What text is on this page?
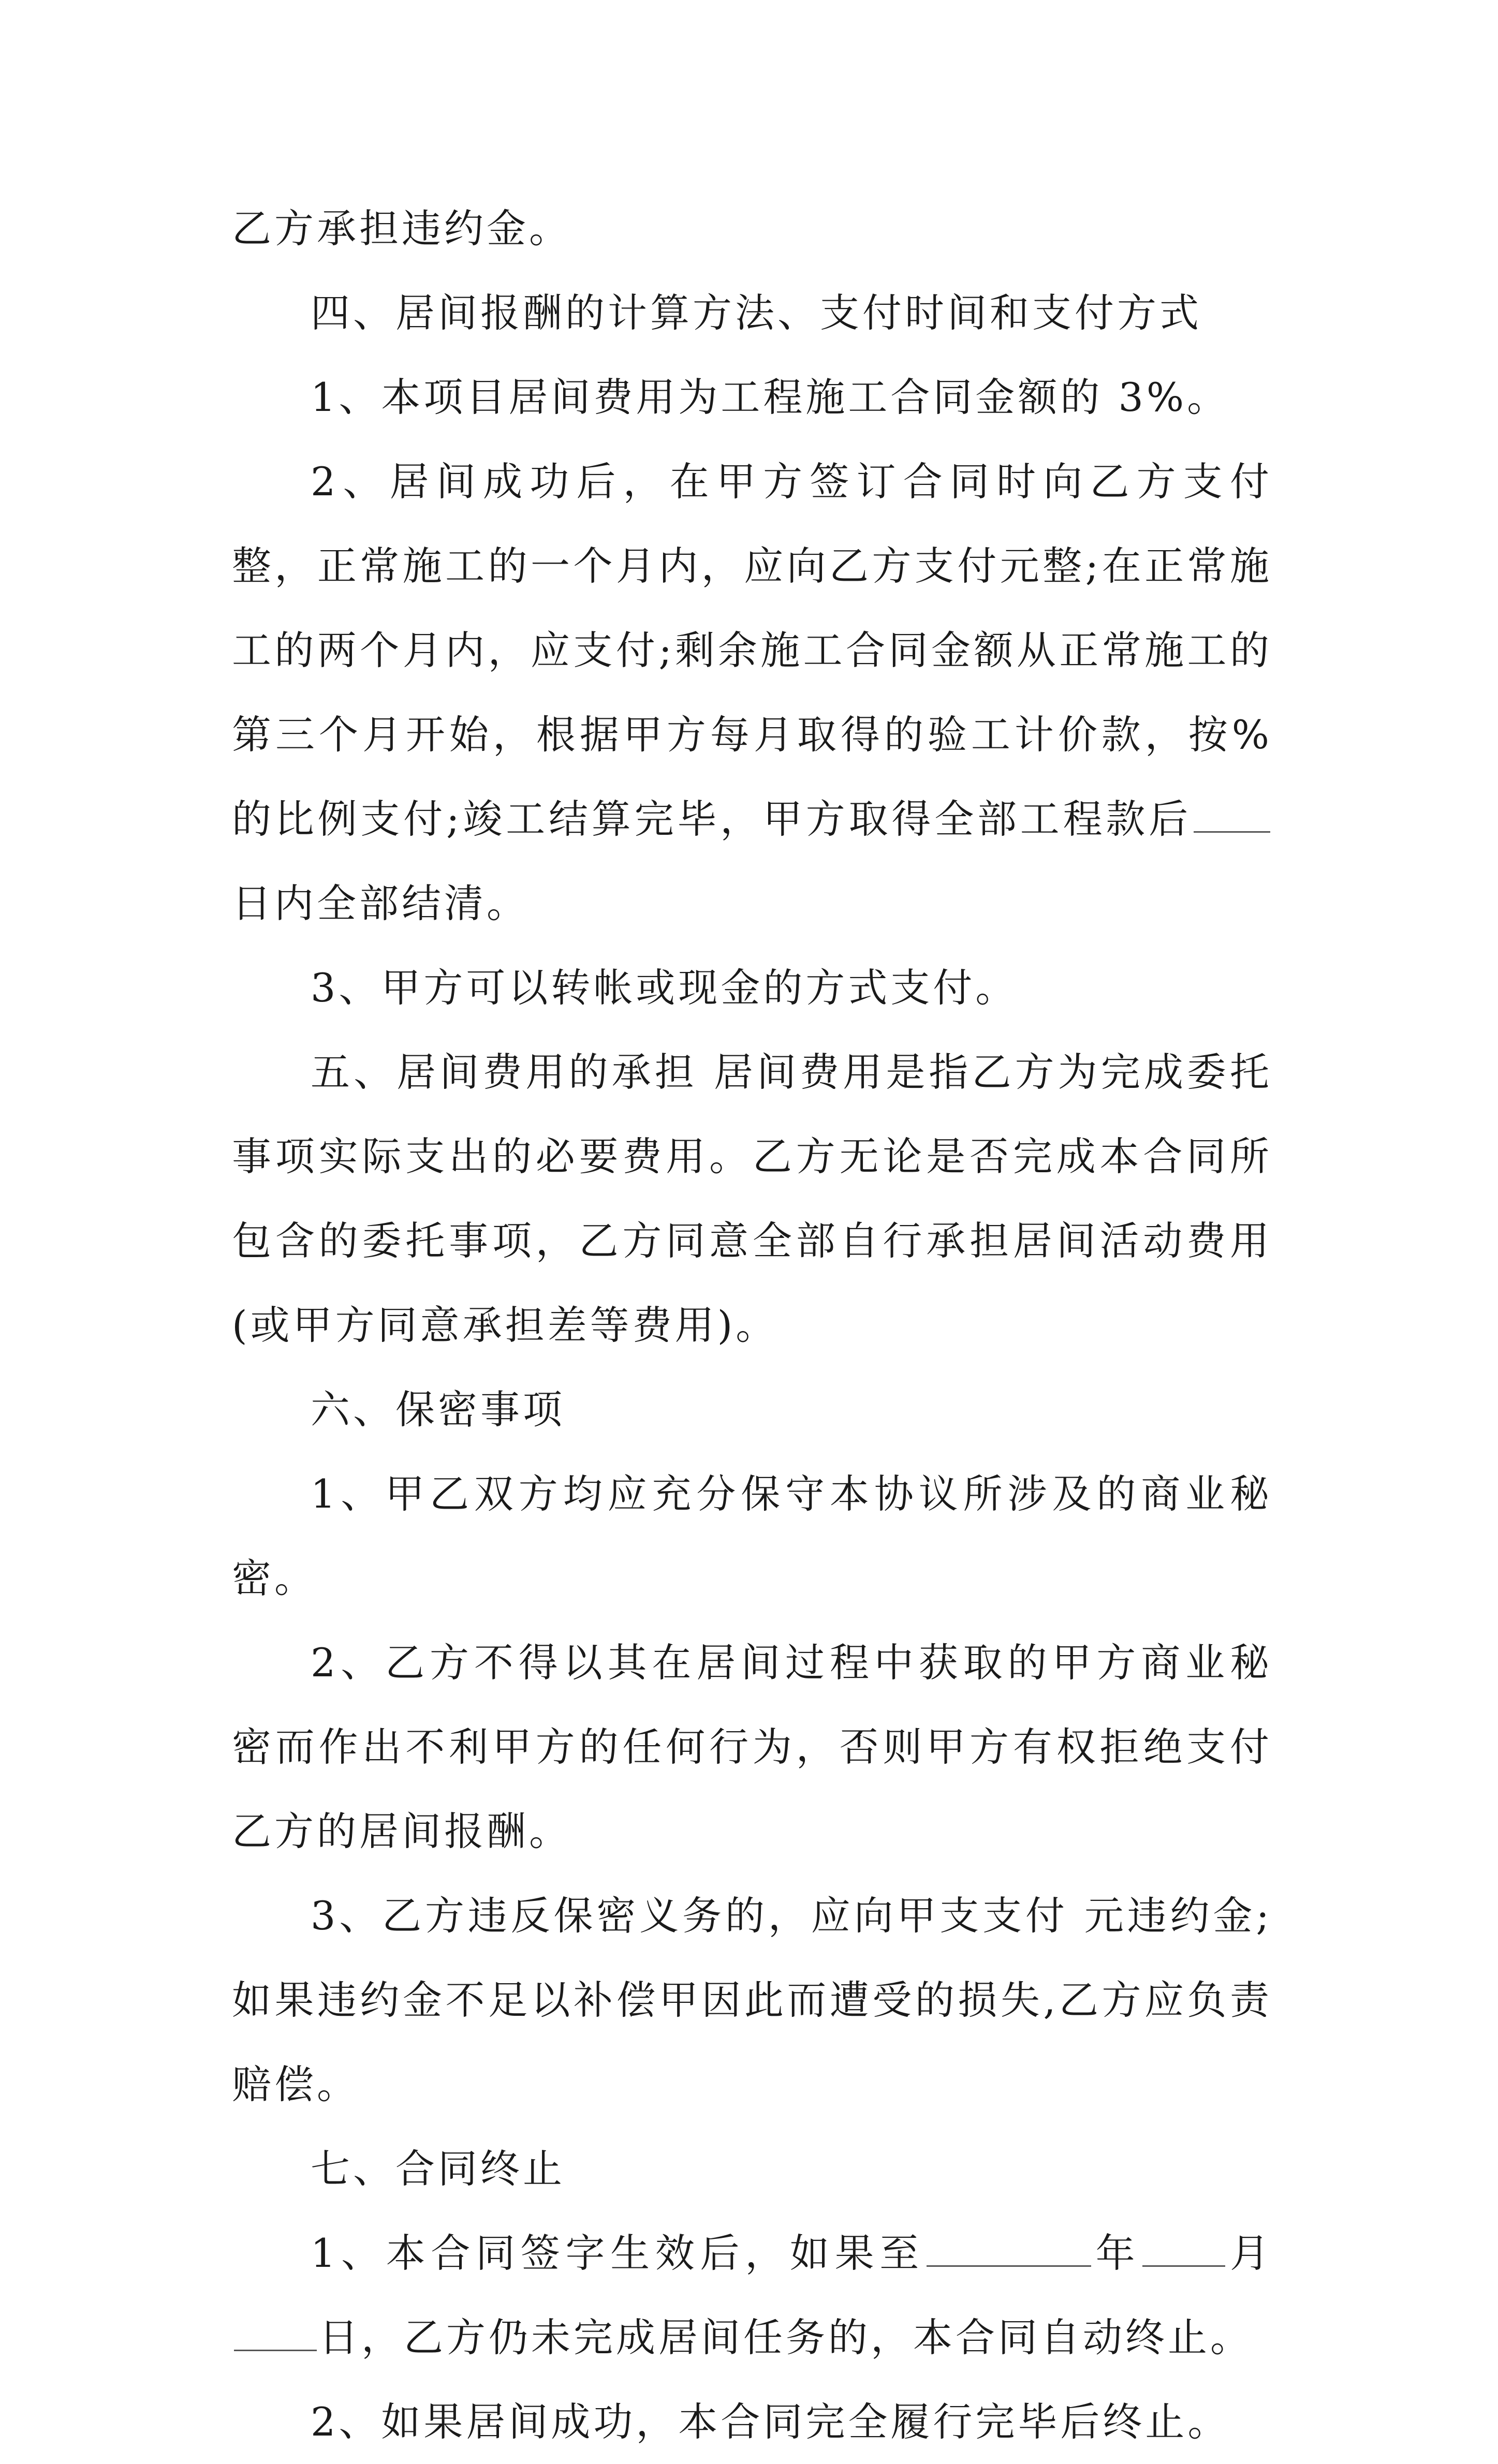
乙方承担违约金。

四、居间报酬的计算方法、支付时间和支付方式

1、本项目居间费用为工程施工合同金额的 3%。

2、居间成功后，在甲方签订合同时向乙方支付 整，正常施工的一个月内，应向乙方支付元整;在正常施工的两个月内，应支付;剩余施工合同金额从正常施工的第三个月开始，根据甲方每月取得的验工计价款，按%的比例支付;竣工结算完毕，甲方取得全部工程款后日内全部结清。

3、甲方可以转帐或现金的方式支付。

五、居间费用的承担 居间费用是指乙方为完成委托事项实际支出的必要费用。乙方无论是否完成本合同所包含的委托事项，乙方同意全部自行承担居间活动费用(或甲方同意承担差等费用)。

六、保密事项

1、甲乙双方均应充分保守本协议所涉及的商业秘密。

2、乙方不得以其在居间过程中获取的甲方商业秘密而作出不利甲方的任何行为，否则甲方有权拒绝支付乙方的居间报酬。

3、乙方违反保密义务的，应向甲支支付 元违约金;如果违约金不足以补偿甲因此而遭受的损失,乙方应负责赔偿。

七、合同终止

1、本合同签字生效后，如果至	年 月日，乙方仍未完成居间任务的，本合同自动终止。

2、如果居间成功，本合同完全履行完毕后终止。
